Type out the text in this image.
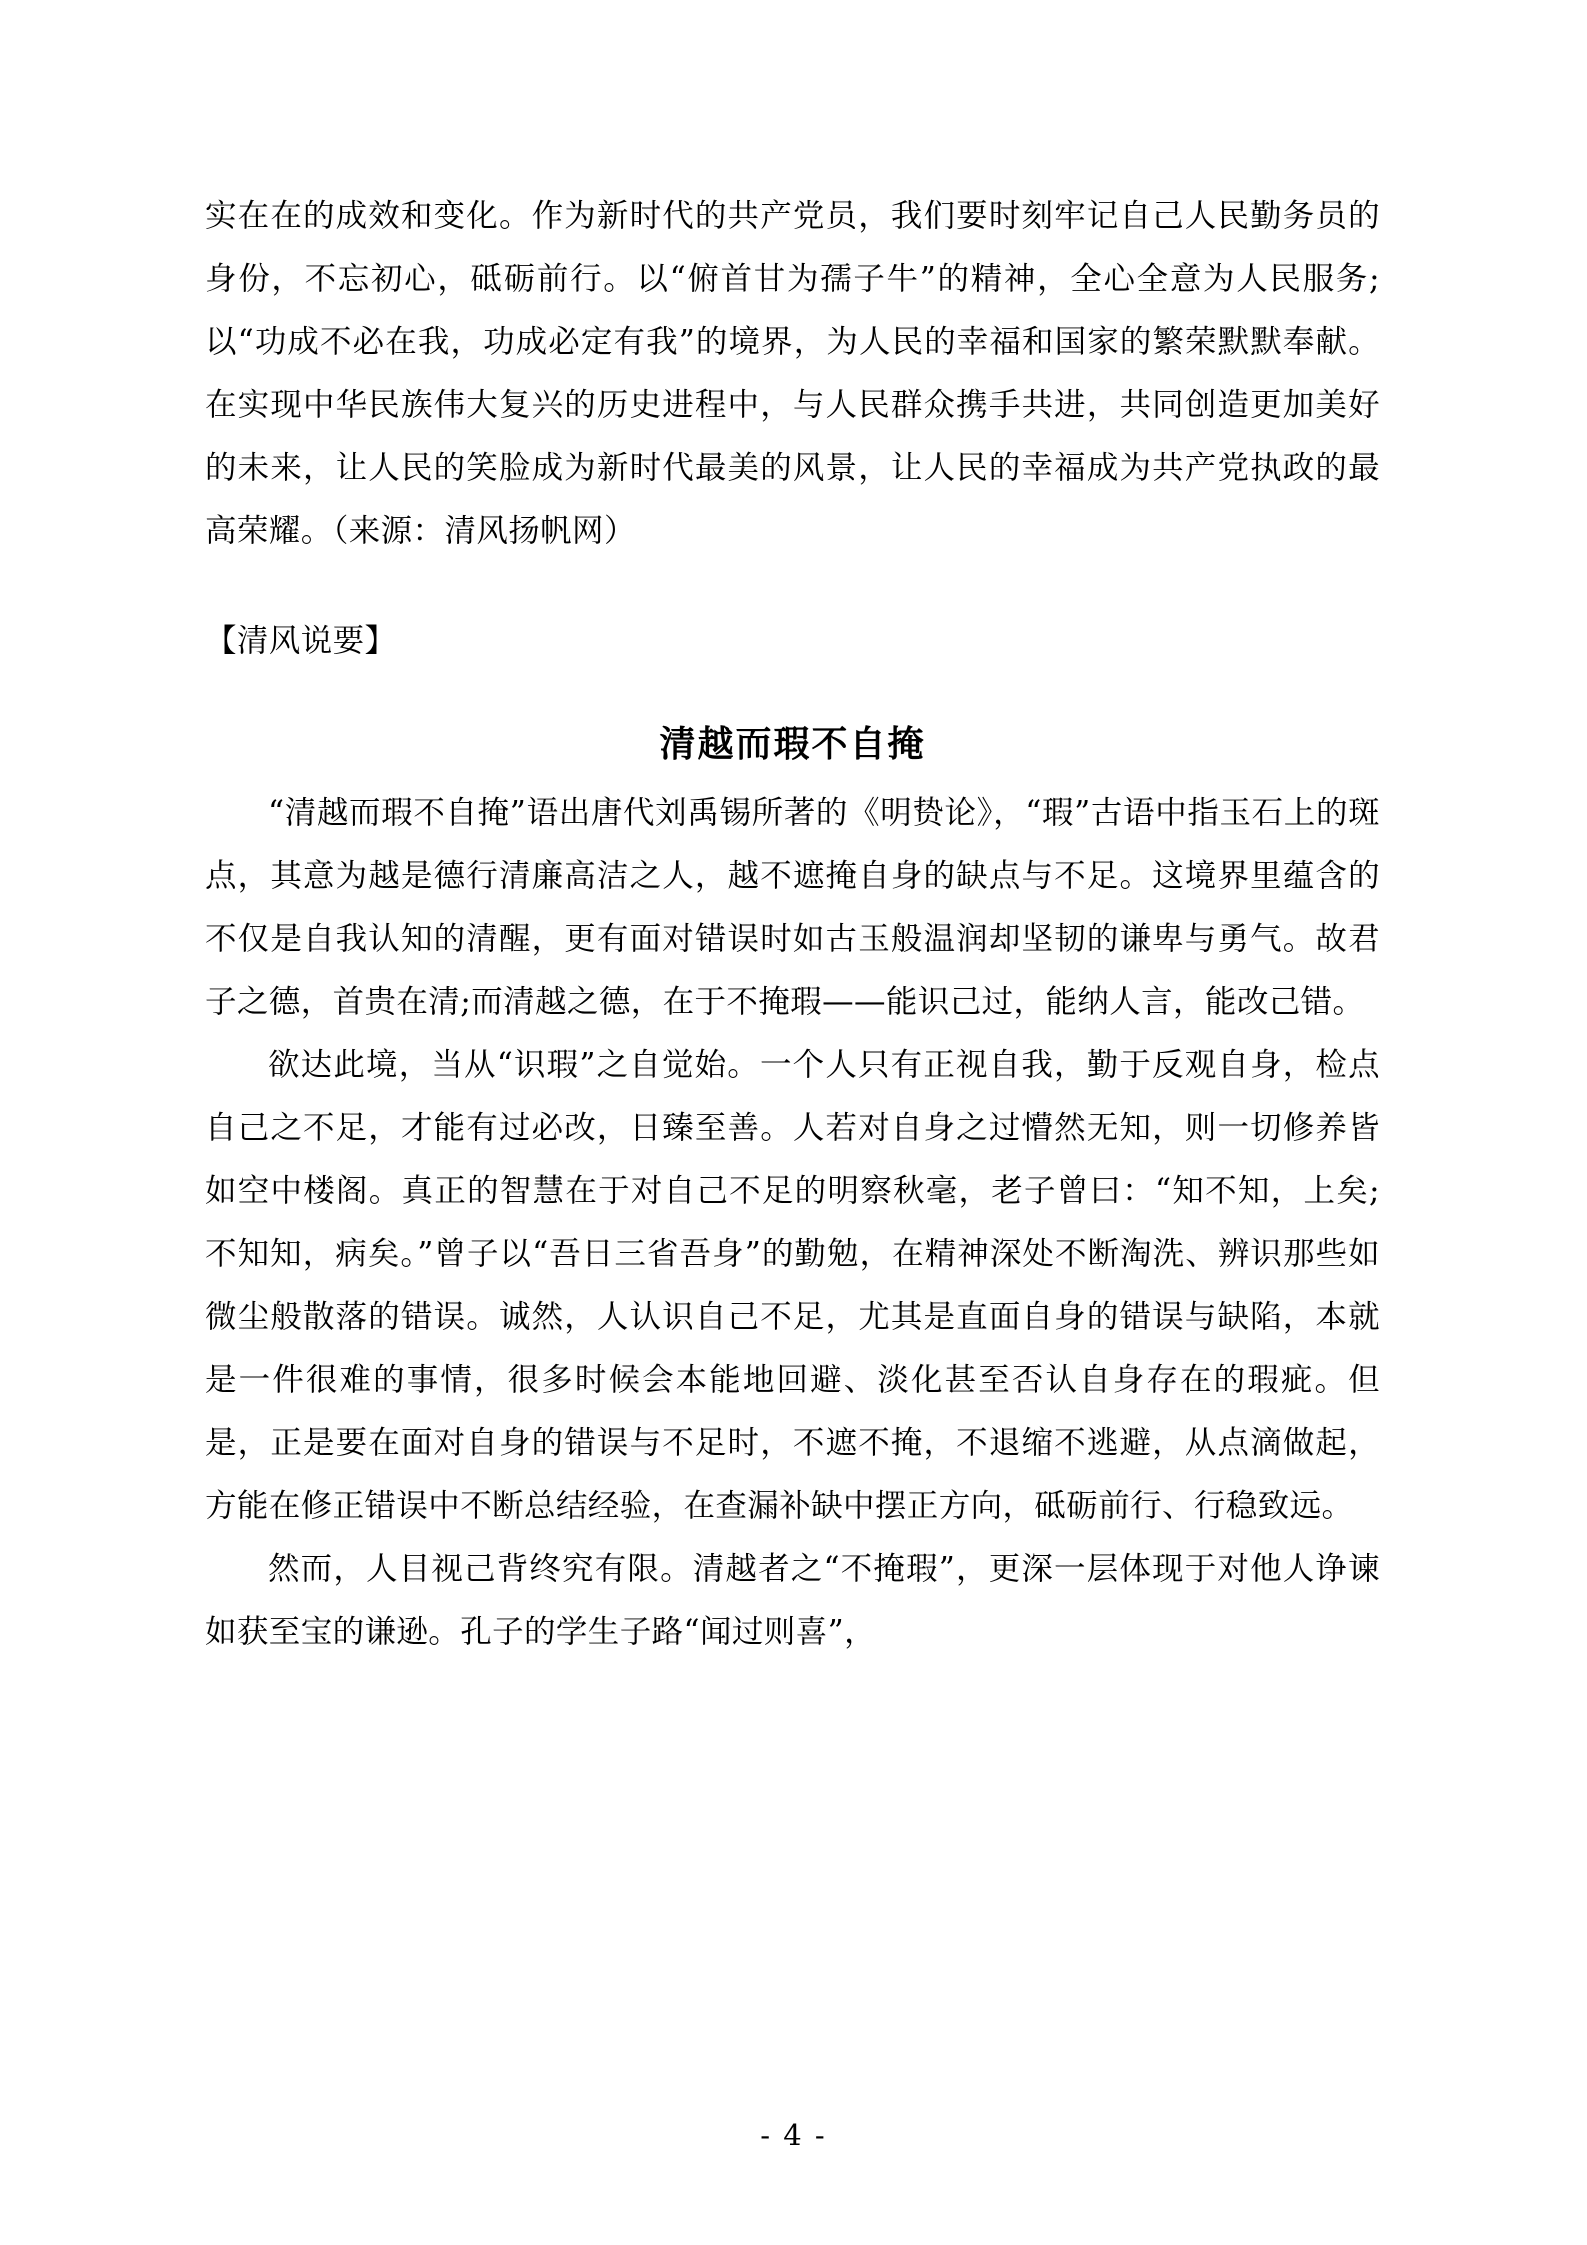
实在在的成效和变化。作为新时代的共产党员，我们要时刻牢记自己人民勤务员的身份，不忘初心，砥砺前行。以“俯首甘为孺子牛”的精神，全心全意为人民服务;以“功成不必在我，功成必定有我”的境界，为人民的幸福和国家的繁荣默默奉献。在实现中华民族伟大复兴的历史进程中，与人民群众携手共进，共同创造更加美好的未来，让人民的笑脸成为新时代最美的风景，让人民的幸福成为共产党执政的最高荣耀。（来源：清风扬帆网）

【清风说要】
清越而瑕不自掩

“清越而瑕不自掩”语出唐代刘禹锡所著的《明贽论》，“瑕”古语中指玉石上的斑点，其意为越是德行清廉高洁之人，越不遮掩自身的缺点与不足。这境界里蕴含的不仅是自我认知的清醒，更有面对错误时如古玉般温润却坚韧的谦卑与勇气。故君子之德，首贵在清;而清越之德，在于不掩瑕——能识己过，能纳人言，能改己错。

欲达此境，当从“识瑕”之自觉始。一个人只有正视自我，勤于反观自身，检点自己之不足，才能有过必改，日臻至善。人若对自身之过懵然无知，则一切修养皆如空中楼阁。真正的智慧在于对自己不足的明察秋毫，老子曾曰：“知不知，上矣;不知知，病矣。”曾子以“吾日三省吾身”的勤勉，在精神深处不断淘洗、辨识那些如微尘般散落的错误。诚然，人认识自己不足，尤其是直面自身的错误与缺陷，本就是一件很难的事情，很多时候会本能地回避、淡化甚至否认自身存在的瑕疵。但是，正是要在面对自身的错误与不足时，不遮不掩，不退缩不逃避，从点滴做起，方能在修正错误中不断总结经验，在查漏补缺中摆正方向，砥砺前行、行稳致远。

然而，人目视己背终究有限。清越者之“不掩瑕”，更深一层体现于对他人诤谏如获至宝的谦逊。孔子的学生子路“闻过则喜”，

- 4 -
